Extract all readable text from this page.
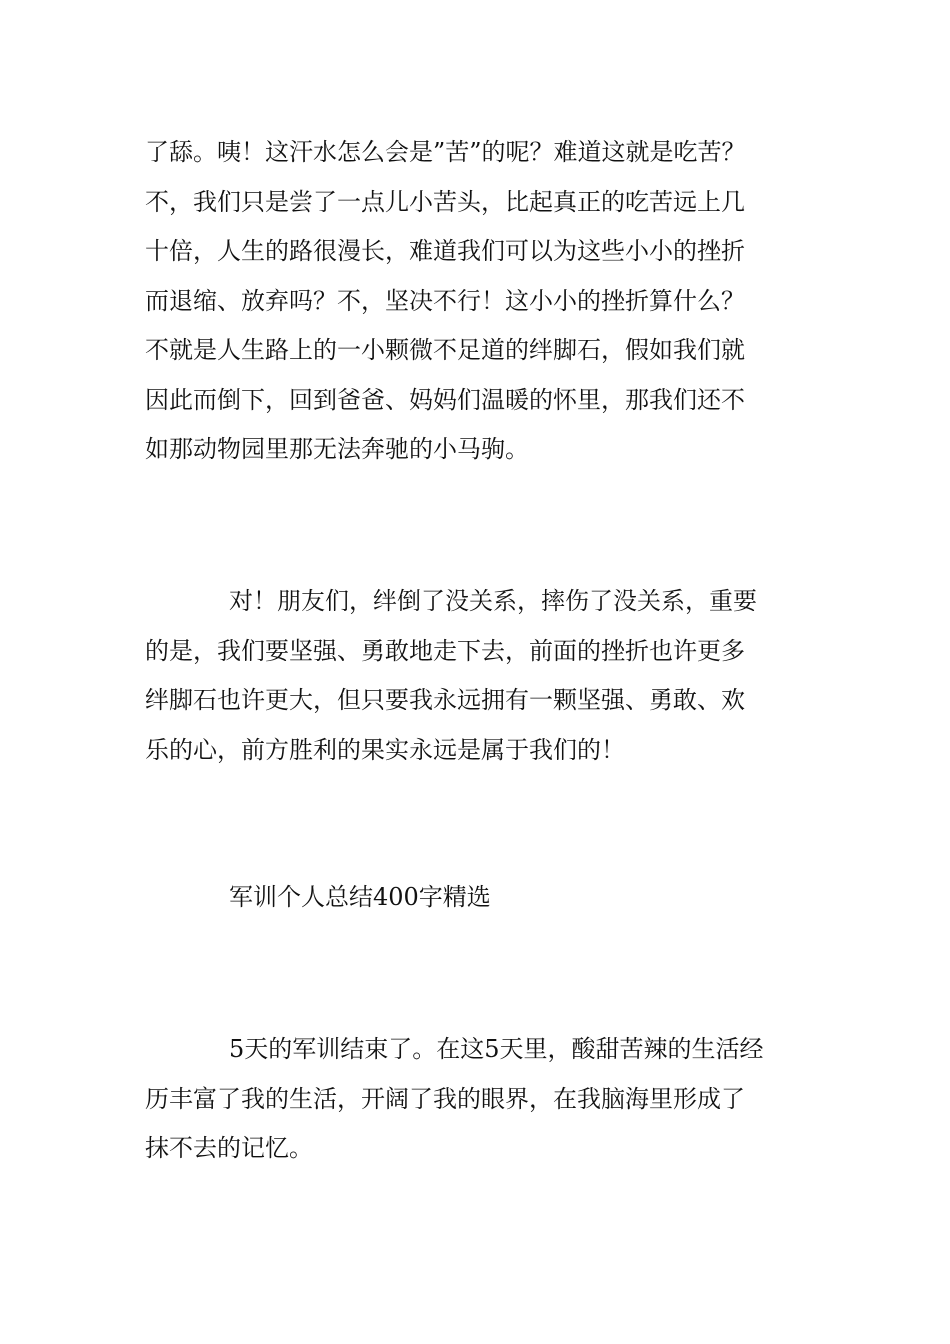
了舔。咦！这汗水怎么会是”苦”的呢？难道这就是吃苦？
不，我们只是尝了一点儿小苦头，比起真正的吃苦远上几
十倍，人生的路很漫长，难道我们可以为这些小小的挫折
而退缩、放弃吗？不，坚决不行！这小小的挫折算什么？
不就是人生路上的一小颗微不足道的绊脚石，假如我们就
因此而倒下，回到爸爸、妈妈们温暖的怀里，那我们还不
如那动物园里那无法奔驰的小马驹。
对！朋友们，绊倒了没关系，摔伤了没关系，重要
的是，我们要坚强、勇敢地走下去，前面的挫折也许更多
绊脚石也许更大，但只要我永远拥有一颗坚强、勇敢、欢
乐的心，前方胜利的果实永远是属于我们的！
军训个人总结400字精选
5天的军训结束了。在这5天里，酸甜苦辣的生活经
历丰富了我的生活，开阔了我的眼界，在我脑海里形成了
抹不去的记忆。
